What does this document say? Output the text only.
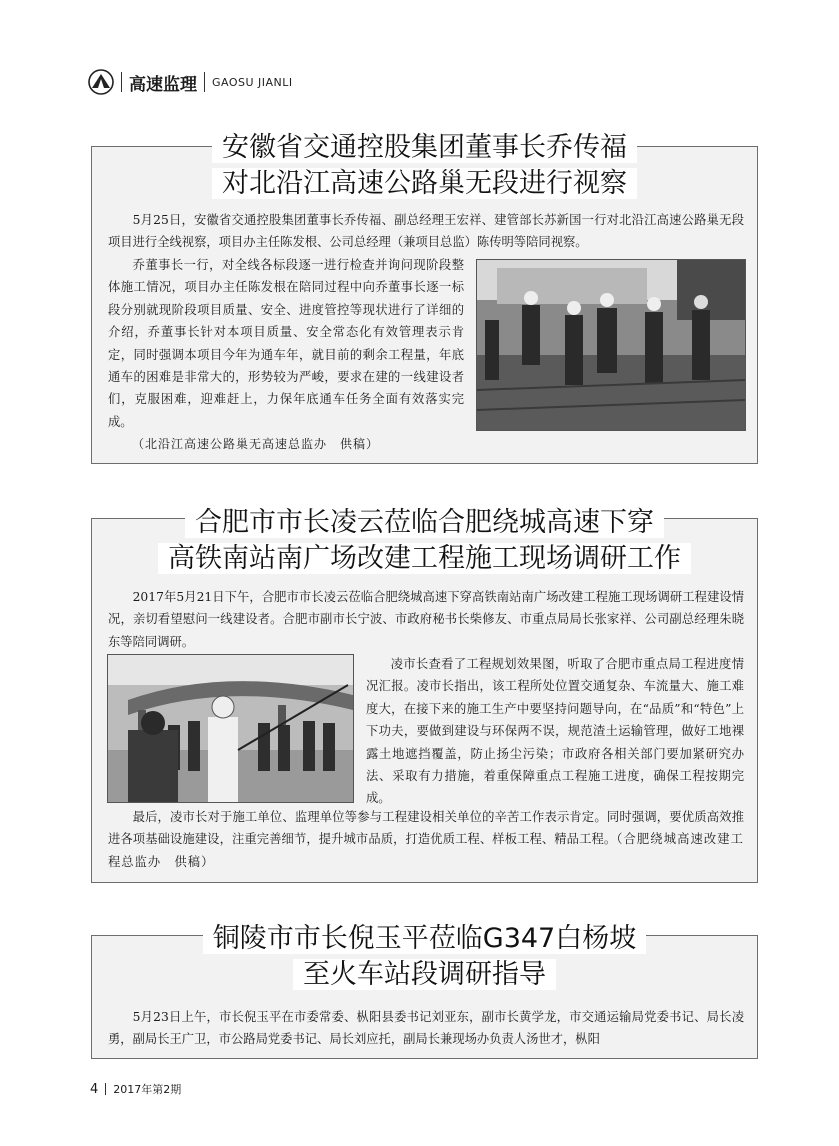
高速监理 GAOSU JIANLI
安徽省交通控股集团董事长乔传福
对北沿江高速公路巢无段进行视察

5月25日，安徽省交通控股集团董事长乔传福、副总经理王宏祥、建管部长苏新国一行对北沿江高速公路巢无段项目进行全线视察，项目办主任陈发根、公司总经理（兼项目总监）陈传明等陪同视察。

乔董事长一行，对全线各标段逐一进行检查并询问现阶段整体施工情况，项目办主任陈发根在陪同过程中向乔董事长逐一标段分别就现阶段项目质量、安全、进度管控等现状进行了详细的介绍，乔董事长针对本项目质量、安全常态化有效管理表示肯定，同时强调本项目今年为通车年，就目前的剩余工程量，年底通车的困难是非常大的，形势较为严峻，要求在建的一线建设者们，克服困难，迎难赶上，力保年底通车任务全面有效落实完成。

（北沿江高速公路巢无高速总监办　供稿）
合肥市市长凌云莅临合肥绕城高速下穿
高铁南站南广场改建工程施工现场调研工作

2017年5月21日下午，合肥市市长凌云莅临合肥绕城高速下穿高铁南站南广场改建工程施工现场调研工程建设情况，亲切看望慰问一线建设者。合肥市副市长宁波、市政府秘书长柴修友、市重点局局长张家祥、公司副总经理朱晓东等陪同调研。

凌市长查看了工程规划效果图，听取了合肥市重点局工程进度情况汇报。凌市长指出，该工程所处位置交通复杂、车流量大、施工难度大，在接下来的施工生产中要坚持问题导向，在“品质”和“特色”上下功夫，要做到建设与环保两不误，规范渣土运输管理，做好工地裸露土地遮挡覆盖，防止扬尘污染；市政府各相关部门要加紧研究办法、采取有力措施，着重保障重点工程施工进度，确保工程按期完成。

最后，凌市长对于施工单位、监理单位等参与工程建设相关单位的辛苦工作表示肯定。同时强调，要优质高效推进各项基础设施建设，注重完善细节，提升城市品质，打造优质工程、样板工程、精品工程。（合肥绕城高速改建工程总监办　供稿）

铜陵市市长倪玉平莅临G347白杨坡
至火车站段调研指导

5月23日上午，市长倪玉平在市委常委、枞阳县委书记刘亚东，副市长黄学龙，市交通运输局党委书记、局长凌勇，副局长王广卫，市公路局党委书记、局长刘应托，副局长兼现场办负责人汤世才，枞阳

4 2017年第2期
